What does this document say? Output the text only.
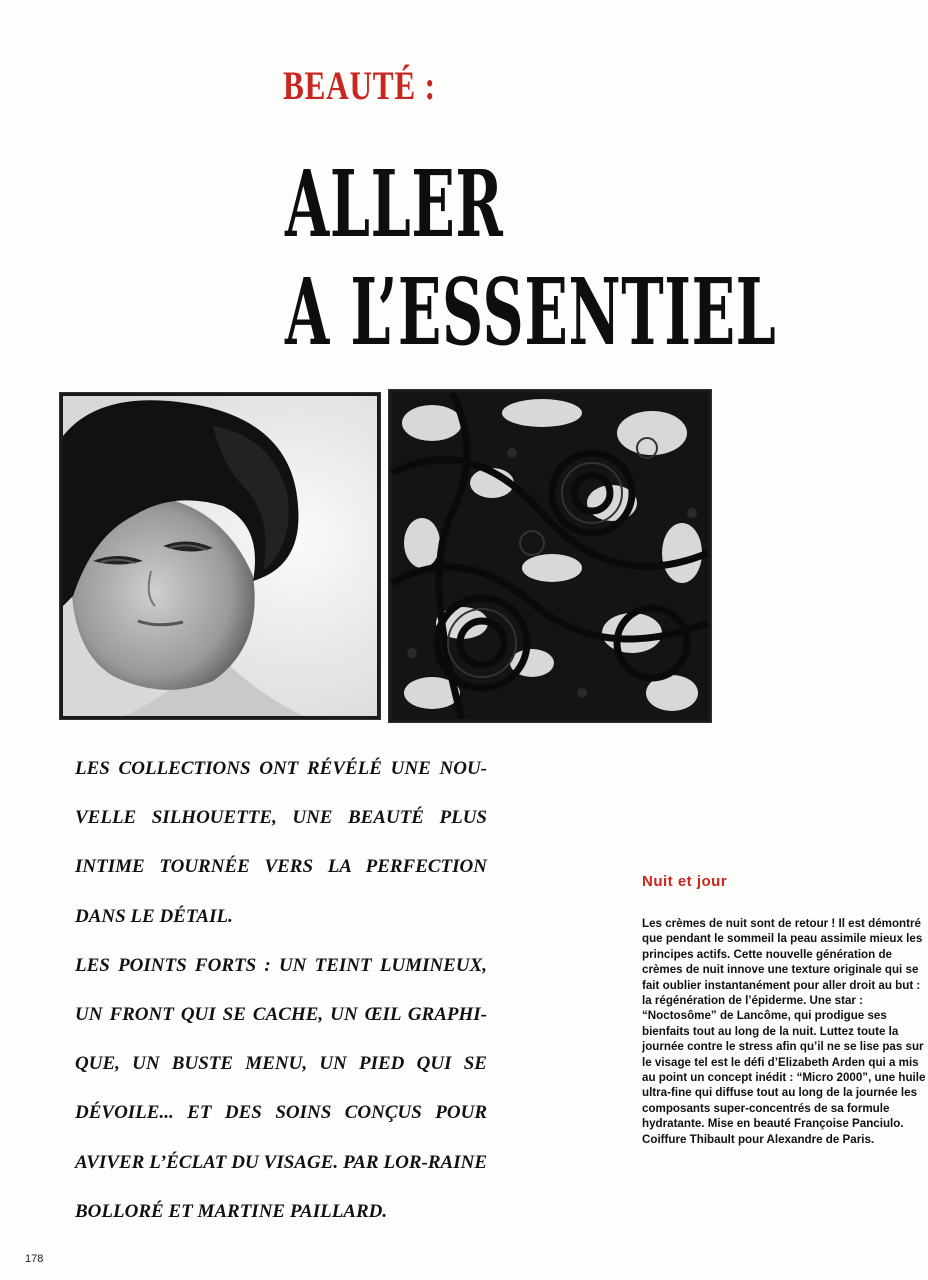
BEAUTÉ :
ALLER
A L’ESSENTIEL

LES COLLECTIONS ONT RÉVÉLÉ UNE NOU-VELLE SILHOUETTE, UNE BEAUTÉ PLUS INTIME TOURNÉE VERS LA PERFECTION DANS LE DÉTAIL.

LES POINTS FORTS : UN TEINT LUMINEUX, UN FRONT QUI SE CACHE, UN ŒIL GRAPHI-QUE, UN BUSTE MENU, UN PIED QUI SE DÉVOILE... ET DES SOINS CONÇUS POUR AVIVER L’ÉCLAT DU VISAGE. PAR LOR-RAINE BOLLORÉ ET MARTINE PAILLARD.

Nuit et jour
Les crèmes de nuit sont de retour ! Il est démontré que pendant le sommeil la peau assimile mieux les principes actifs. Cette nouvelle génération de crèmes de nuit innove une texture originale qui se fait oublier instantanément pour aller droit au but : la régénération de l’épiderme. Une star : “Noctosôme” de Lancôme, qui prodigue ses bienfaits tout au long de la nuit. Luttez toute la journée contre le stress afin qu’il ne se lise pas sur le visage tel est le défi d’Elizabeth Arden qui a mis au point un concept inédit : “Micro 2000”, une huile ultra-fine qui diffuse tout au long de la journée les composants super-concentrés de sa formule hydratante. Mise en beauté Françoise Panciulo. Coiffure Thibault pour Alexandre de Paris.
178
